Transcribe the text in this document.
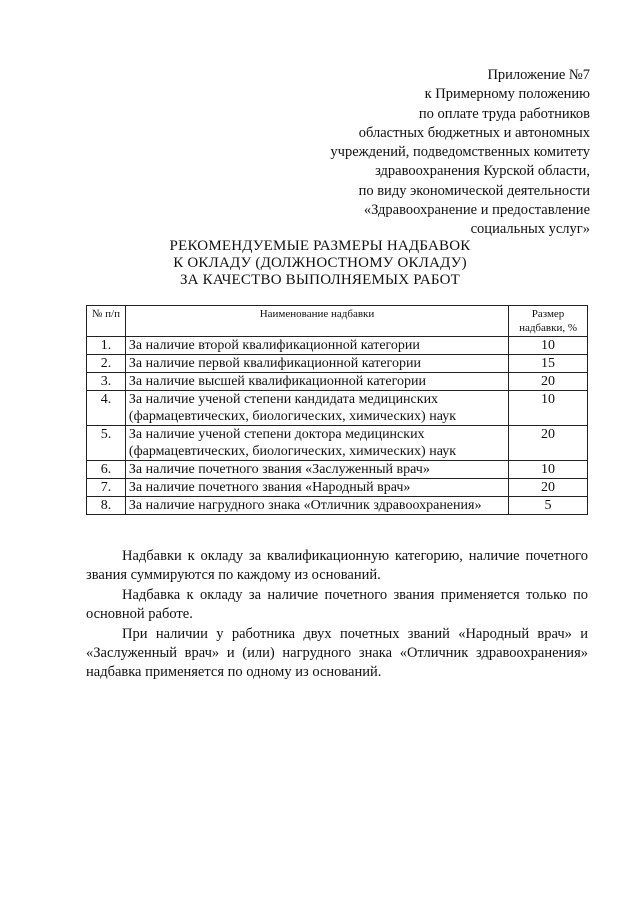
Приложение №7
к Примерному положению
по оплате труда работников
областных бюджетных и автономных
учреждений, подведомственных комитету
здравоохранения Курской области,
по виду экономической деятельности
«Здравоохранение и предоставление
социальных услуг»
РЕКОМЕНДУЕМЫЕ РАЗМЕРЫ НАДБАВОК
К ОКЛАДУ (ДОЛЖНОСТНОМУ ОКЛАДУ)
ЗА КАЧЕСТВО ВЫПОЛНЯЕМЫХ РАБОТ
№ п/п	Наименование надбавки	Размер надбавки, %
1.	За наличие второй квалификационной категории	10
2.	За наличие первой квалификационной категории	15
3.	За наличие высшей квалификационной категории	20
4.	За наличие ученой степени кандидата медицинских (фармацевтических, биологических, химических) наук	10
5.	За наличие ученой степени доктора медицинских (фармацевтических, биологических, химических) наук	20
6.	За наличие почетного звания «Заслуженный врач»	10
7.	За наличие почетного звания «Народный врач»	20
8.	За наличие нагрудного знака «Отличник здравоохранения»	5

Надбавки к окладу за квалификационную категорию, наличие почетного звания суммируются по каждому из оснований.

Надбавка к окладу за наличие почетного звания применяется только по основной работе.

При наличии у работника двух почетных званий «Народный врач» и «Заслуженный врач» и (или) нагрудного знака «Отличник здравоохранения» надбавка применяется по одному из оснований.
